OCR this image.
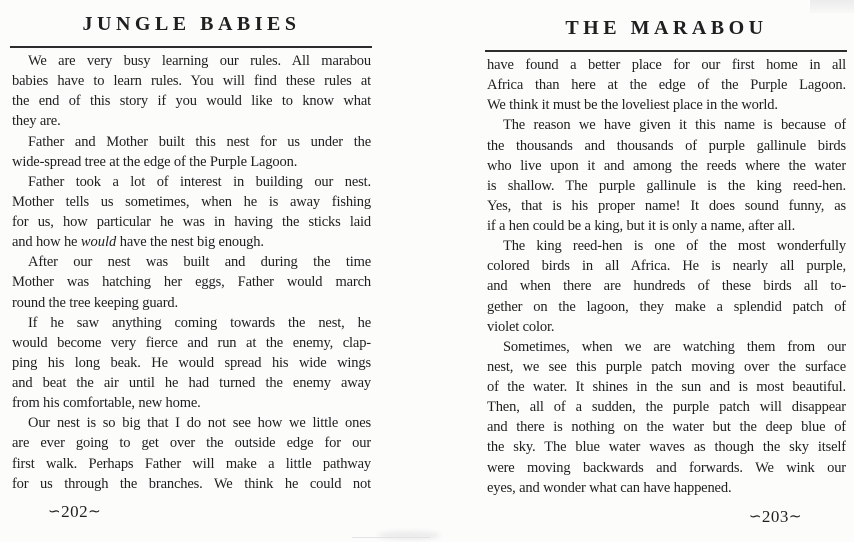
JUNGLE BABIES
We are very busy learning our rules. All marabou
babies have to learn rules. You will find these rules at
the end of this story if you would like to know what
they are.
Father and Mother built this nest for us under the
wide-spread tree at the edge of the Purple Lagoon.
Father took a lot of interest in building our nest.
Mother tells us sometimes, when he is away fishing
for us, how particular he was in having the sticks laid
and how he would have the nest big enough.
After our nest was built and during the time
Mother was hatching her eggs, Father would march
round the tree keeping guard.
If he saw anything coming towards the nest, he
would become very fierce and run at the enemy, clap-
ping his long beak. He would spread his wide wings
and beat the air until he had turned the enemy away
from his comfortable, new home.
Our nest is so big that I do not see how we little ones
are ever going to get over the outside edge for our
first walk. Perhaps Father will make a little pathway
for us through the branches. We think he could not
∽202∼
THE MARABOU
have found a better place for our first home in all
Africa than here at the edge of the Purple Lagoon.
We think it must be the loveliest place in the world.
The reason we have given it this name is because of
the thousands and thousands of purple gallinule birds
who live upon it and among the reeds where the water
is shallow. The purple gallinule is the king reed-hen.
Yes, that is his proper name! It does sound funny, as
if a hen could be a king, but it is only a name, after all.
The king reed-hen is one of the most wonderfully
colored birds in all Africa. He is nearly all purple,
and when there are hundreds of these birds all to-
gether on the lagoon, they make a splendid patch of
violet color.
Sometimes, when we are watching them from our
nest, we see this purple patch moving over the surface
of the water. It shines in the sun and is most beautiful.
Then, all of a sudden, the purple patch will disappear
and there is nothing on the water but the deep blue of
the sky. The blue water waves as though the sky itself
were moving backwards and forwards. We wink our
eyes, and wonder what can have happened.
∽203∼
